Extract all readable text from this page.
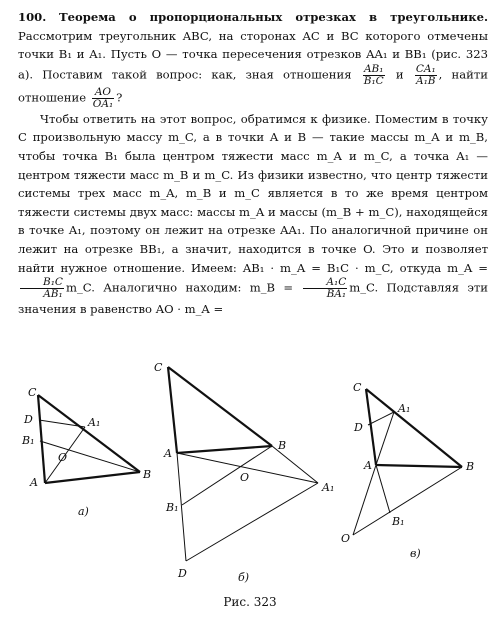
100. Теорема о пропорциональных отрезках в треугольнике. Рассмотрим треугольник ABC, на сторонах AC и BC которого отмечены точки B₁ и A₁. Пусть O — точка пересечения отрезков AA₁ и BB₁ (рис. 323 а). Поставим такой вопрос: как, зная отношения $\frac{\text{AB₁}}{\text{B₁C}}$ и $\frac{\text{CA₁}}{\text{A₁B}}$ , найти отношение $\frac{AO}{\text{OA₁}}$ ?

Чтобы ответить на этот вопрос, обратимся к физике. Поместим в точку C произвольную массу m_C, а в точки A и B — такие массы m_A и m_B, чтобы точка B₁ была центром тяжести масс m_A и m_C, а точка A₁ — центром тяжести масс m_B и m_C. Из физики известно, что центр тяжести системы трех масс m_A, m_B и m_C является в то же время центром тяжести системы двух масс: массы m_A и массы (m_B + m_C), находящейся в точке A₁, поэтому он лежит на отрезке AA₁. По аналогичной причине он лежит на отрезке BB₁, а значит, находится в точке O. Это и позволяет найти нужное отношение. Имеем: AB₁ · m_A = B₁C · m_C, откуда m_A =
$\frac{\text{B₁C}}{\text{AB₁}}$ m_C. Аналогично находим: m_B = $\frac{\text{A₁C}}{\text{BA₁}}$ m_C. Подставляя эти значения в равенство AO · m_A =

C
D	A₁
B₁
O
A
B
а)
C
A
B
O
A₁
B₁
D	б)
C
A₁
D
A	B
B₁
O
в)
Рис. 323
